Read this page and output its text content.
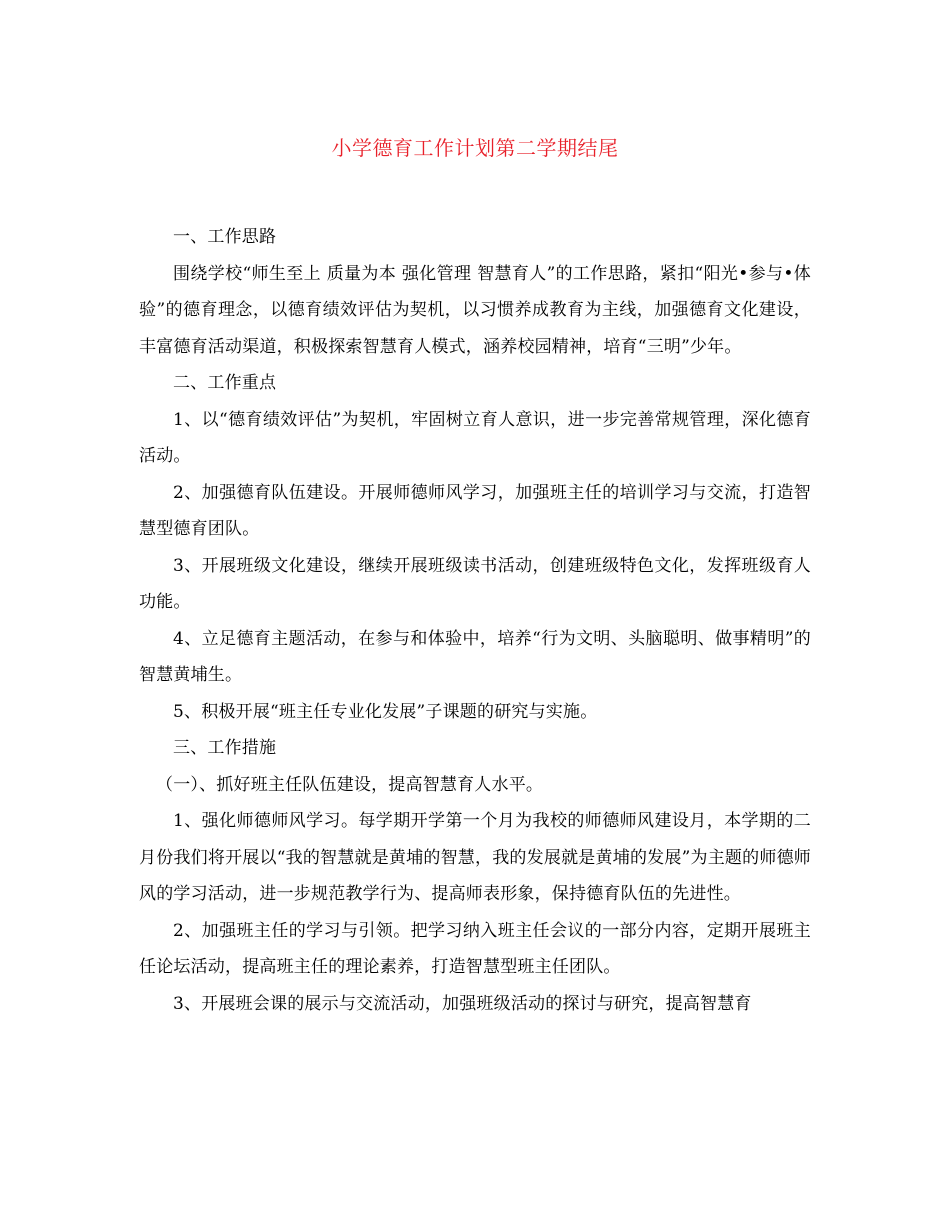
小学德育工作计划第二学期结尾

一、工作思路

围绕学校“师生至上 质量为本 强化管理 智慧育人”的工作思路，紧扣“阳光•参与•体验”的德育理念，以德育绩效评估为契机，以习惯养成教育为主线，加强德育文化建设，丰富德育活动渠道，积极探索智慧育人模式，涵养校园精神，培育“三明”少年。

二、工作重点

1、以“德育绩效评估”为契机，牢固树立育人意识，进一步完善常规管理，深化德育活动。

2、加强德育队伍建设。开展师德师风学习，加强班主任的培训学习与交流，打造智慧型德育团队。

3、开展班级文化建设，继续开展班级读书活动，创建班级特色文化，发挥班级育人功能。

4、立足德育主题活动，在参与和体验中，培养“行为文明、头脑聪明、做事精明”的智慧黄埔生。

5、积极开展“班主任专业化发展”子课题的研究与实施。

三、工作措施

（一）、抓好班主任队伍建设，提高智慧育人水平。

1、强化师德师风学习。每学期开学第一个月为我校的师德师风建设月，本学期的二月份我们将开展以“我的智慧就是黄埔的智慧，我的发展就是黄埔的发展”为主题的师德师风的学习活动，进一步规范教学行为、提高师表形象，保持德育队伍的先进性。

2、加强班主任的学习与引领。把学习纳入班主任会议的一部分内容，定期开展班主任论坛活动，提高班主任的理论素养，打造智慧型班主任团队。

3、开展班会课的展示与交流活动，加强班级活动的探讨与研究，提高智慧育
